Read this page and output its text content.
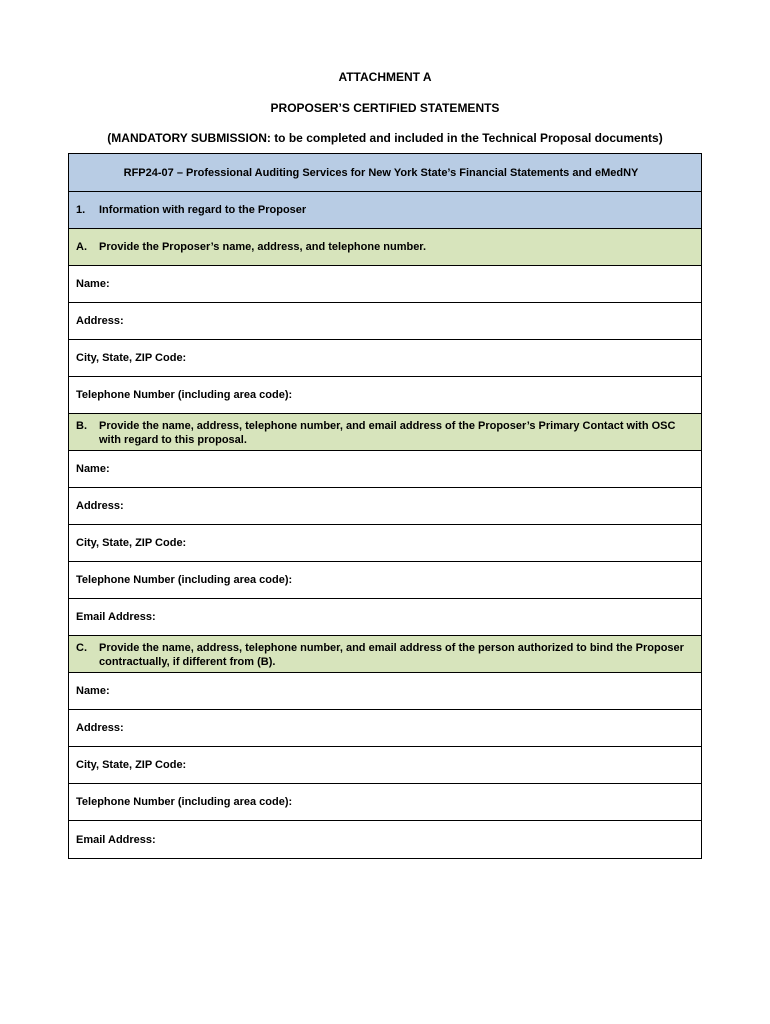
ATTACHMENT A
PROPOSER’S CERTIFIED STATEMENTS
(MANDATORY SUBMISSION: to be completed and included in the Technical Proposal documents)
RFP24-07 – Professional Auditing Services for New York State’s Financial Statements and eMedNY
1.	Information with regard to the Proposer
A.	Provide the Proposer’s name, address, and telephone number.
Name:
Address:
City, State, ZIP Code:
Telephone Number (including area code):
B.	Provide the name, address, telephone number, and email address of the Proposer’s Primary Contact with OSC with regard to this proposal.
Name:
Address:
City, State, ZIP Code:
Telephone Number (including area code):
Email Address:
C.	Provide the name, address, telephone number, and email address of the person authorized to bind the Proposer contractually, if different from (B).
Name:
Address:
City, State, ZIP Code:
Telephone Number (including area code):
Email Address:
